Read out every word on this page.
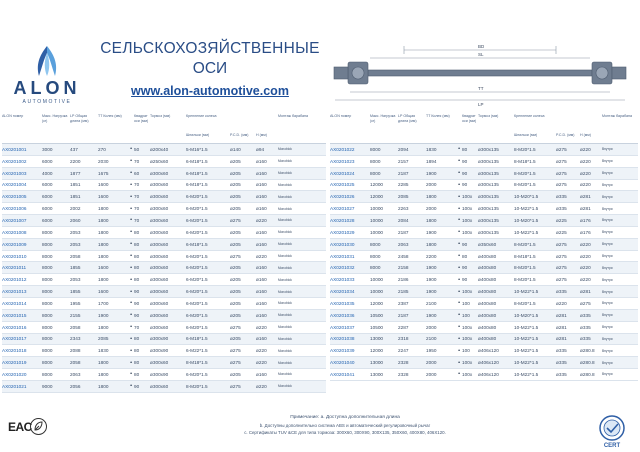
ALON
AUTOMOTIVE
СЕЛЬСКОХОЗЯЙСТВЕННЫЕ
ОСИ
www.alon-automotive.com
BD
SL
TT
LP
ALON номер	Макс. Нагрузка (кг)
LP Общая длина (мм)
TT Колея (мм)	Квадрат оси (мм)
Тормоз (мм)	Крепление колеса	Монтаж барабана
Шпильки (мм)	P.C.D. (мм)	H (мм)
AX0201001	3000	437	270	• 50	ø200x40	5-M16*1.5	ø140	ø94	Monoblok
AX0201002	6000	2200	2030	• 70	ø250x60	6-M18*1.5	ø205	ø160	Monoblok
AX0201003	4000	1877	1675	• 60	ø300x60	6-M18*1.5	ø205	ø160	Monoblok
AX0201004	6000	1851	1600	• 70	ø300x60	6-M18*1.5	ø205	ø160	Monoblok
AX0201005	6000	1851	1600	• 70	ø300x60	6-M20*1.5	ø205	ø160	Monoblok
AX0201006	6000	2002	1800	• 70	ø300x60	6-M20*1.5	ø205	ø160	Monoblok
AX0201007	6000	2060	1800	• 70	ø300x60	6-M20*1.5	ø275	ø220	Monoblok
AX0201008	8000	2053	1800	• 80	ø300x60	6-M20*1.5	ø205	ø160	Monoblok
AX0201009	8000	2053	1800	• 80	ø300x60	6-M18*1.5	ø205	ø160	Monoblok
AX0201010	8000	2058	1800	• 80	ø300x60	6-M20*1.5	ø275	ø220	Monoblok
AX0201011	8000	1855	1600	• 80	ø300x60	6-M20*1.5	ø205	ø160	Monoblok
AX0201012	8000	2053	1800	• 80	ø300x60	6-M20*1.5	ø205	ø160	Monoblok
AX0201013	8000	1855	1600	• 90	ø300x60	6-M20*1.5	ø205	ø160	Monoblok
AX0201014	8000	1955	1700	• 90	ø300x60	6-M20*1.5	ø205	ø160	Monoblok
AX0201015	8000	2155	1900	• 90	ø300x60	6-M20*1.5	ø205	ø160	Monoblok
AX0201016	8000	2058	1800	• 70	ø300x60	6-M20*1.5	ø275	ø220	Monoblok
AX0201017	8000	2343	2085	• 80	ø300x90	6-M18*1.5	ø205	ø160	Monoblok
AX0201018	8000	2088	1830	• 80	ø300x90	6-M22*1.5	ø275	ø220	Monoblok
AX0201019	8000	2058	1800	• 80	ø300x60	8-M18*1.5	ø275	ø220	Monoblok
AX0201020	8000	2063	1800	• 80	ø300x90	6-M20*1.5	ø205	ø160	Monoblok
AX0201021	9000	2056	1800	• 90	ø300x60	8-M20*1.5	ø275	ø220	Monoblok
ALON номер	Макс. Нагрузка (кг)
LP Общая длина (мм)
TT Колея (мм)	Квадрат оси (мм)
Тормоз (мм)	Крепление колеса	Монтаж барабана
Шпильки (мм)	P.C.D. (мм)	H (мм)
AX0201022	8000	2094	1830	• 80	ø300x135	8-M20*1.5	ø275	ø220	Внутри
AX0201023	8000	2157	1894	• 90	ø300x135	8-M18*1.5	ø275	ø220	Внутри
AX0201024	8000	2187	1900	• 90	ø300x135	8-M20*1.5	ø275	ø220	Внутри
AX0201025	12000	2285	2000	• 90	ø300x135	8-M20*1.5	ø275	ø220	Внутри
AX0201026	12000	2085	1800	• 100x	ø300x135	10-M20*1.5	ø335	ø281	Внутри
AX0201027	10000	2263	2000	• 100x	ø300x135	10-M22*1.5	ø335	ø281	Внутри
AX0201028	10000	2084	1800	• 100x	ø300x135	10-M20*1.5	ø225	ø176	Внутри
AX0201029	10000	2187	1900	• 100x	ø300x135	10-M22*1.5	ø225	ø176	Внутри
AX0201030	8000	2063	1800	• 90	ø350x60	8-M20*1.5	ø275	ø220	Внутри
AX0201031	8000	2458	2200	• 80	ø400x80	8-M18*1.5	ø275	ø220	Внутри
AX0201032	8000	2158	1900	• 90	ø400x80	8-M20*1.5	ø275	ø220	Внутри
AX0201033	10000	2186	1900	• 90	ø400x80	8-M20*1.5	ø275	ø220	Внутри
AX0201034	10000	2185	1900	• 100x	ø400x80	10-M22*1.5	ø335	ø281	Внутри
AX0201035	12000	2387	2100	• 100	ø400x80	8-M20*1.5	ø220	ø275	Внутри
AX0201036	10500	2187	1900	• 100	ø400x80	10-M20*1.5	ø281	ø335	Внутри
AX0201037	10500	2287	2000	• 100x	ø400x80	10-M22*1.5	ø281	ø335	Внутри
AX0201038	13000	2318	2100	• 100x	ø400x80	10-M22*1.5	ø281	ø335	Внутри
AX0201039	12000	2247	1950	• 100	ø406x120	10-M22*1.5	ø335	ø280.8	Внутри
AX0201040	13000	2328	2000	• 100x	ø406x120	10-M22*1.5	ø335	ø280.8	Внутри
AX0201041	13000	2328	2000	• 100x	ø406x120	10-M22*1.5	ø335	ø280.8	Внутри
EAC
Примечание: a. Доступна дополнительная длина
b. Доступны дополнительно система ABS и автоматический регулировочный рычаг
c. Сертификаты TUV &CE для типа тормоза: 300X60, 300X90, 300X135, 350X60, 400X80, 406X120.
CERT
